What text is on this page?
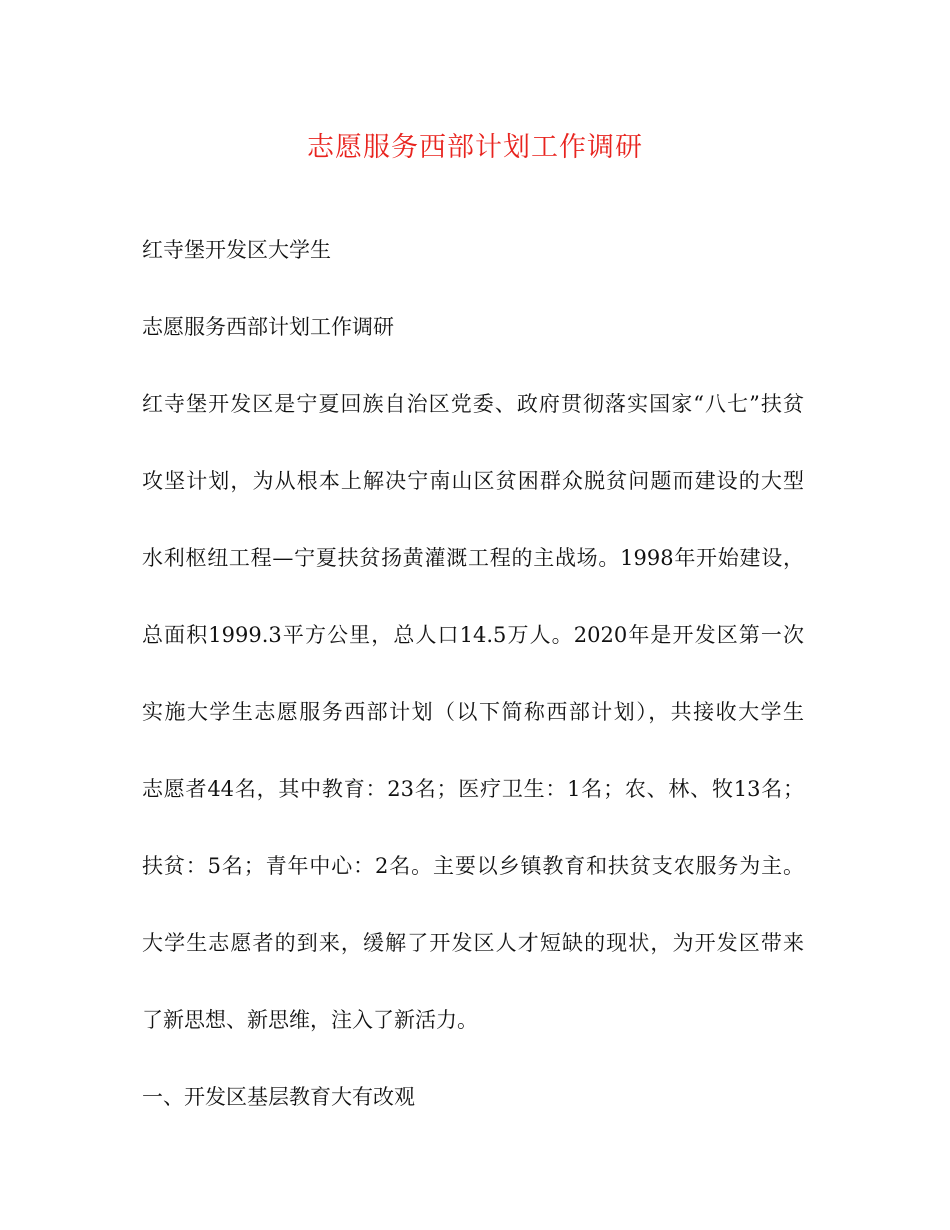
志愿服务西部计划工作调研
红寺堡开发区大学生
志愿服务西部计划工作调研
红寺堡开发区是宁夏回族自治区党委、政府贯彻落实国家“八七”扶贫
攻坚计划，为从根本上解决宁南山区贫困群众脱贫问题而建设的大型
水利枢纽工程—宁夏扶贫扬黄灌溉工程的主战场。1998年开始建设，
总面积1999.3平方公里，总人口14.5万人。2020年是开发区第一次
实施大学生志愿服务西部计划（以下简称西部计划），共接收大学生
志愿者44名，其中教育：23名；医疗卫生：1名；农、林、牧13名；
扶贫：5名；青年中心：2名。主要以乡镇教育和扶贫支农服务为主。
大学生志愿者的到来，缓解了开发区人才短缺的现状，为开发区带来
了新思想、新思维，注入了新活力。
一、开发区基层教育大有改观
